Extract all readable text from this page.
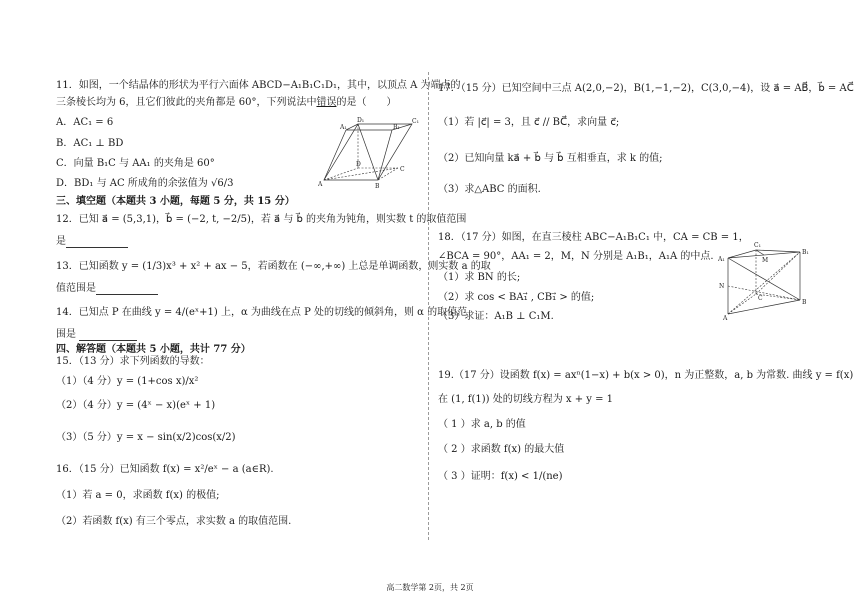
11．如图，一个结晶体的形状为平行六面体 ABCD−A₁B₁C₁D₁，其中，以顶点 A 为端点的
三条棱长均为 6，且它们彼此的夹角都是 60°，下列说法中错误的是（　　）
A．AC₁ = 6
B．AC₁ ⊥ BD
C．向量 B₁C 与 AA₁ 的夹角是 60°
D．BD₁ 与 AC 所成角的余弦值为 √6/3
A₁
D₁	C₁
B₁
A
D
C
B
三、填空题（本题共 3 小题，每题 5 分，共 15 分）
12．已知 a⃗ = (5,3,1)，b⃗ = (−2, t, −2/5)，若 a⃗ 与 b⃗ 的夹角为钝角，则实数 t 的取值范围
是
13．已知函数 y = (1/3)x³ + x² + ax − 5，若函数在 (−∞,+∞) 上总是单调函数，则实数 a 的取
值范围是
14．已知点 P 在曲线 y = 4/(eˣ+1) 上，α 为曲线在点 P 处的切线的倾斜角，则 α 的取值范
围是
四、解答题（本题共 5 小题，共计 77 分）
15．（13 分）求下列函数的导数：
（1）（4 分）y = (1+cos x)/x²
（2）（4 分）y = (4ˣ − x)(eˣ + 1)
（3）（5 分）y = x − sin(x/2)cos(x/2)
16．（15 分）已知函数 f(x) = x²/eˣ − a (a∈R).
（1）若 a = 0，求函数 f(x) 的极值;
（2）若函数 f(x) 有三个零点，求实数 a 的取值范围.
17．（15 分）已知空间中三点 A(2,0,−2)，B(1,−1,−2)，C(3,0,−4)，设 a⃗ = AB⃗，b⃗ = AC⃗
（1）若 |c⃗| = 3，且 c⃗ // BC⃗，求向量 c⃗;
（2）已知向量 ka⃗ + b⃗ 与 b⃗ 互相垂直，求 k 的值;
（3）求△ABC 的面积.
18．（17 分）如图，在直三棱柱 ABC−A₁B₁C₁ 中，CA = CB = 1，
∠BCA = 90°，AA₁ = 2，M，N 分别是 A₁B₁，A₁A 的中点.
（1）求 BN 的长;
（2）求 cos < BA₁⃗ , CB₁⃗ > 的值;
（3）求证：A₁B ⊥ C₁M.
A₁
C₁
B₁
M
N
C
B
A
19.（17 分）设函数 f(x) = axⁿ(1−x) + b(x > 0)，n 为正整数，a, b 为常数. 曲线 y = f(x)
在 (1, f(1)) 处的切线方程为 x + y = 1
（ 1 ）求 a, b 的值
（ 2 ）求函数 f(x) 的最大值
（ 3 ）证明：f(x) < 1/(ne)
高二数学第 2页，共 2页
